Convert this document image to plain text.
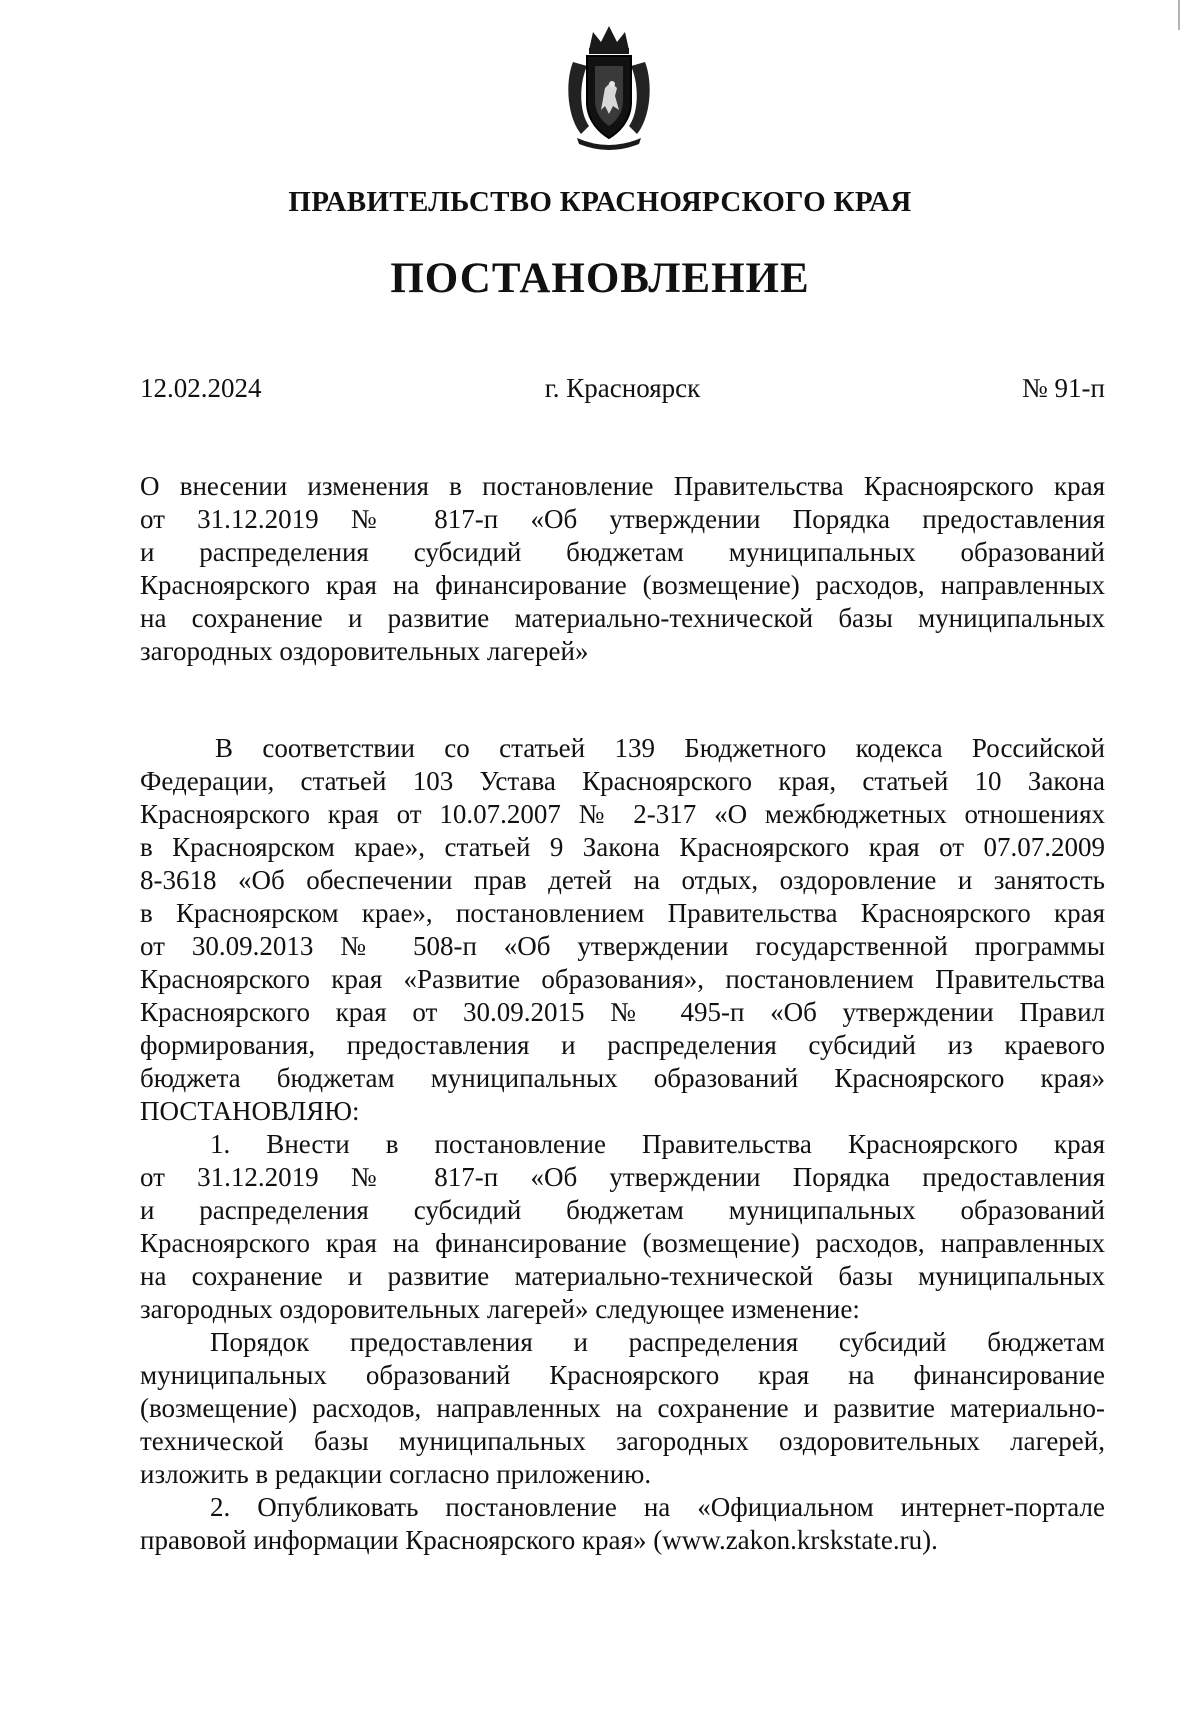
ПРАВИТЕЛЬСТВО КРАСНОЯРСКОГО КРАЯ
ПОСТАНОВЛЕНИЕ
12.02.2024	г. Красноярск	№ 91-п
О внесении изменения в постановление Правительства Красноярского края
от 31.12.2019 № 817-п «Об утверждении Порядка предоставления
и распределения субсидий бюджетам муниципальных образований
Красноярского края на финансирование (возмещение) расходов, направленных
на сохранение и развитие материально-технической базы муниципальных
загородных оздоровительных лагерей»
В соответствии со статьей 139 Бюджетного кодекса Российской
Федерации, статьей 103 Устава Красноярского края, статьей 10 Закона
Красноярского края от 10.07.2007 № 2-317 «О межбюджетных отношениях
в Красноярском крае», статьей 9 Закона Красноярского края от 07.07.2009
8-3618 «Об обеспечении прав детей на отдых, оздоровление и занятость
в Красноярском крае», постановлением Правительства Красноярского края
от 30.09.2013 № 508-п «Об утверждении государственной программы
Красноярского края «Развитие образования», постановлением Правительства
Красноярского края от 30.09.2015 № 495-п «Об утверждении Правил
формирования, предоставления и распределения субсидий из краевого
бюджета бюджетам муниципальных образований Красноярского края»
ПОСТАНОВЛЯЮ:
1. Внести в постановление Правительства Красноярского края
от 31.12.2019 № 817-п «Об утверждении Порядка предоставления
и распределения субсидий бюджетам муниципальных образований
Красноярского края на финансирование (возмещение) расходов, направленных
на сохранение и развитие материально-технической базы муниципальных
загородных оздоровительных лагерей» следующее изменение:
Порядок предоставления и распределения субсидий бюджетам
муниципальных образований Красноярского края на финансирование
(возмещение) расходов, направленных на сохранение и развитие материально-
технической базы муниципальных загородных оздоровительных лагерей,
изложить в редакции согласно приложению.
2. Опубликовать постановление на «Официальном интернет-портале
правовой информации Красноярского края» (www.zakon.krskstate.ru).
